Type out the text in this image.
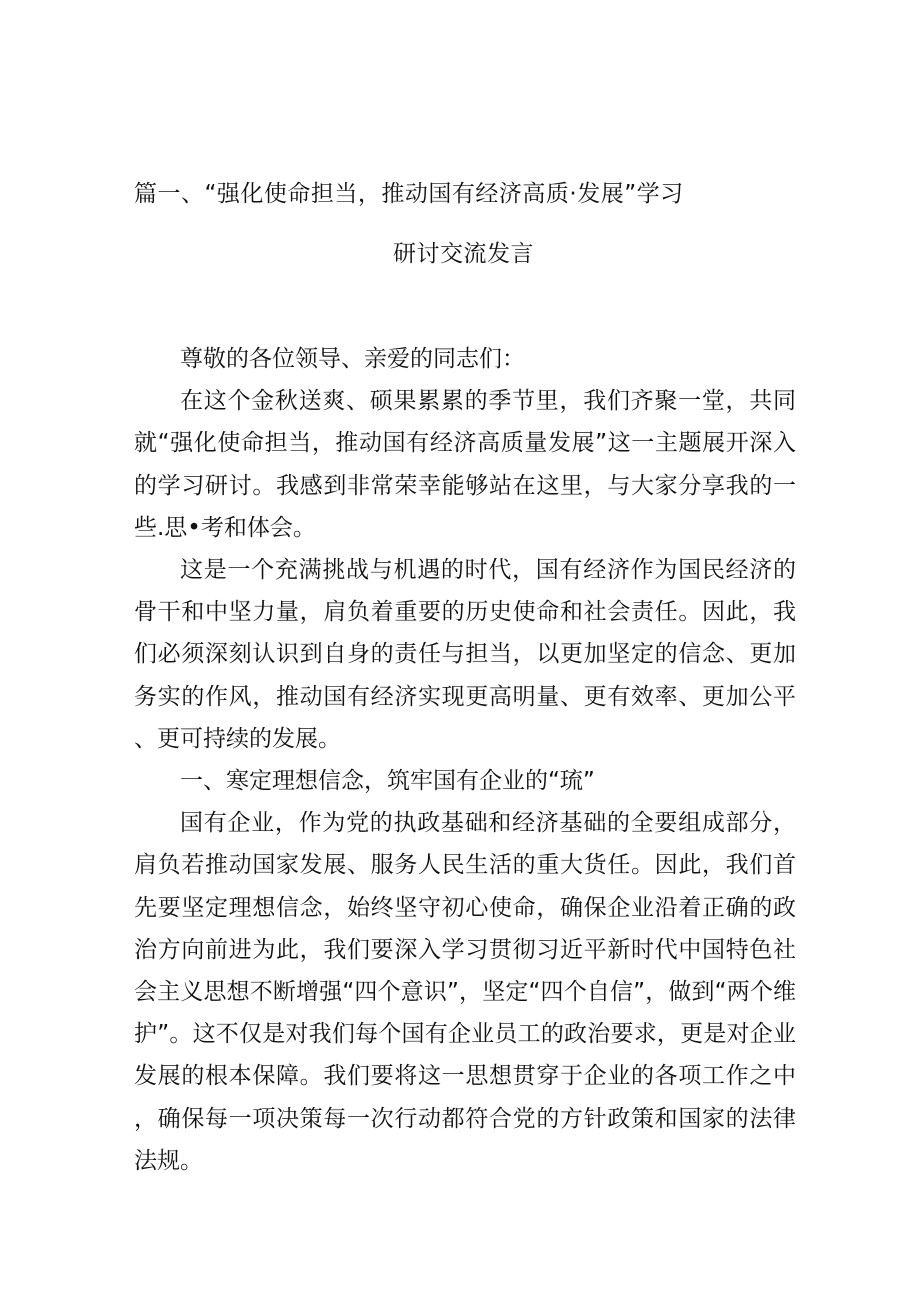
篇一、“强化使命担当，推动国有经济高质·发展”学习
研讨交流发言

尊敬的各位领导、亲爱的同志们：

在这个金秋送爽、硕果累累的季节里，我们齐聚一堂，共同就“强化使命担当，推动国有经济高质量发展”这一主题展开深入的学习研讨。我感到非常荣幸能够站在这里，与大家分享我的一些.思•考和体会。

这是一个充满挑战与机遇的时代，国有经济作为国民经济的骨干和中坚力量，肩负着重要的历史使命和社会责任。因此，我们必须深刻认识到自身的责任与担当，以更加坚定的信念、更加务实的作风，推动国有经济实现更高明量、更有效率、更加公平、更可持续的发展。

一、寒定理想信念，筑牢国有企业的“琉”

国有企业，作为党的执政基础和经济基础的全要组成部分，肩负若推动国家发展、服务人民生活的重大货任。因此，我们首先要坚定理想信念，始终坚守初心使命，确保企业沿着正确的政治方向前进为此，我们要深入学习贯彻习近平新时代中国特色社会主义思想不断增强“四个意识”，坚定“四个自信”，做到“两个维护”。这不仅是对我们每个国有企业员工的政治要求，更是对企业发展的根本保障。我们要将这一思想贯穿于企业的各项工作之中，确保每一项决策每一次行动都符合党的方针政策和国家的法律法规。
